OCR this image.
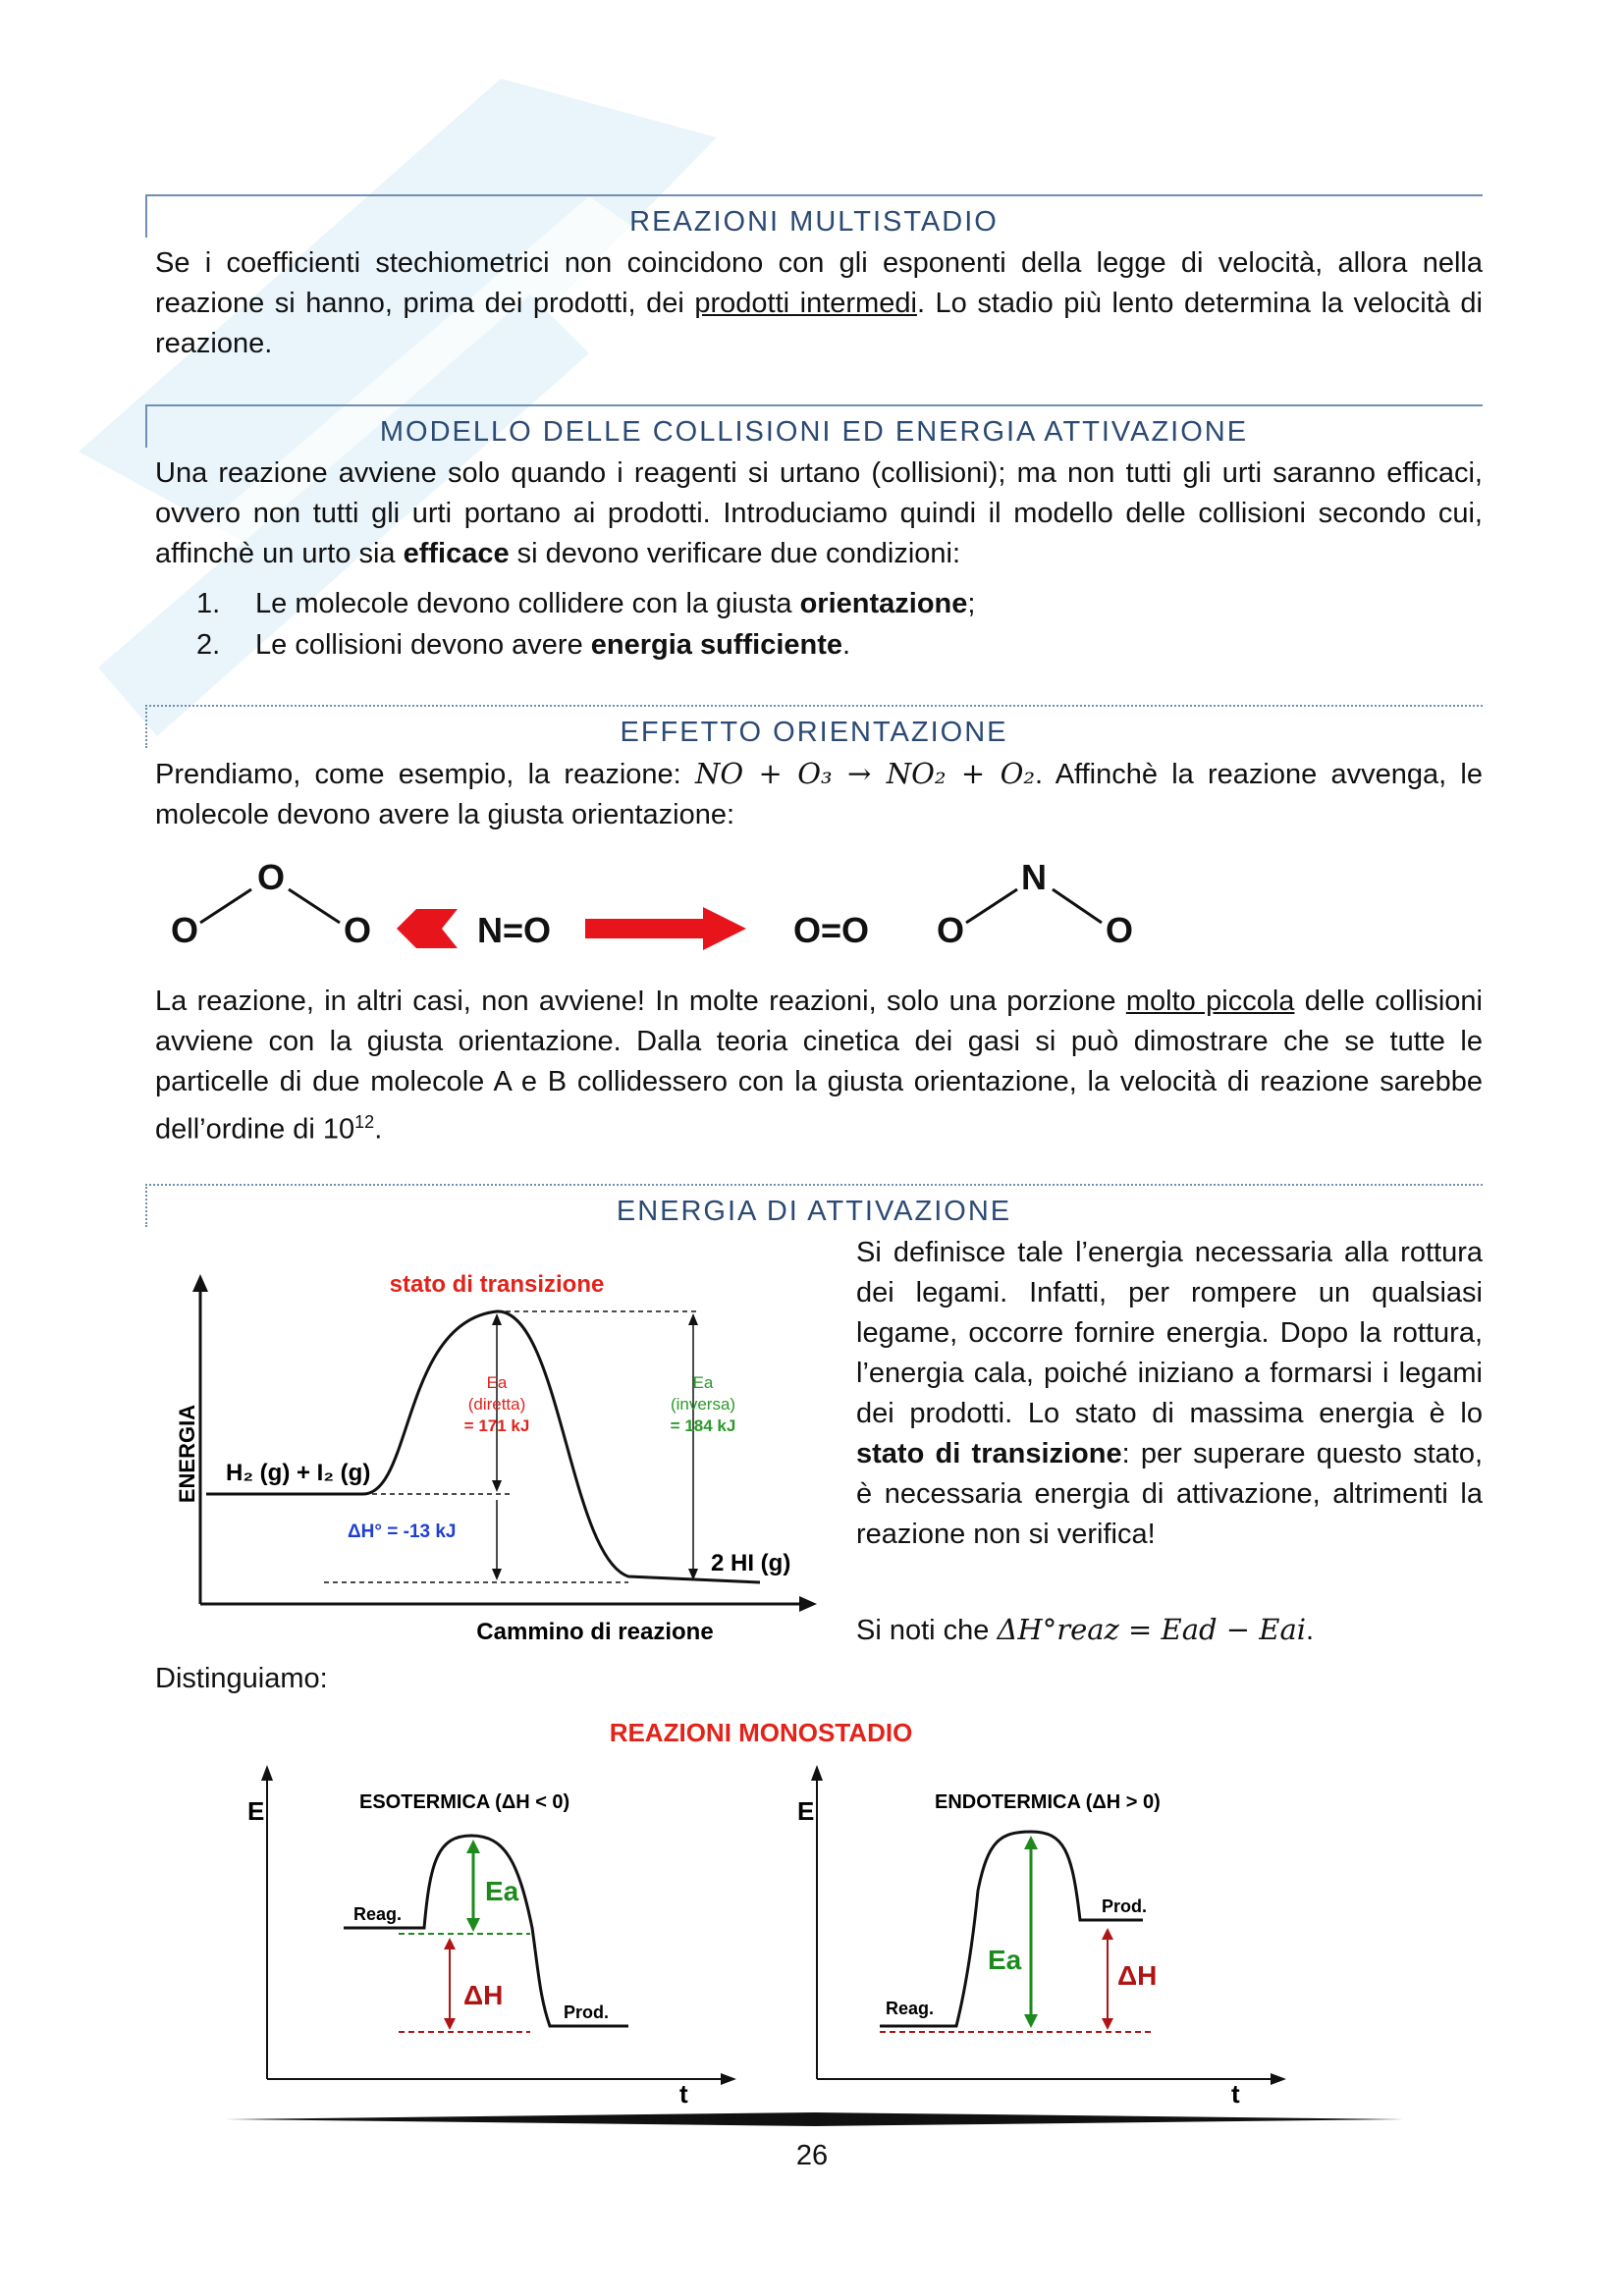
REAZIONI MULTISTADIO
Se i coefficienti stechiometrici non coincidono con gli esponenti della legge di velocità, allora nella reazione si hanno, prima dei prodotti, dei prodotti intermedi. Lo stadio più lento determina la velocità di reazione.
MODELLO DELLE COLLISIONI ED ENERGIA ATTIVAZIONE
Una reazione avviene solo quando i reagenti si urtano (collisioni); ma non tutti gli urti saranno efficaci, ovvero non tutti gli urti portano ai prodotti. Introduciamo quindi il modello delle collisioni secondo cui, affinchè un urto sia efficace si devono verificare due condizioni:
1. Le molecole devono collidere con la giusta orientazione;
2. Le collisioni devono avere energia sufficiente.
EFFETTO ORIENTAZIONE
Prendiamo, come esempio, la reazione: NO + O₃ → NO₂ + O₂. Affinchè la reazione avvenga, le molecole devono avere la giusta orientazione:
O
O
O	N=O	O=O O
N
O
La reazione, in altri casi, non avviene! In molte reazioni, solo una porzione molto piccola delle collisioni avviene con la giusta orientazione. Dalla teoria cinetica dei gasi si può dimostrare che se tutte le particelle di due molecole A e B collidessero con la giusta orientazione, la velocità di reazione sarebbe dell’ordine di $10^{12}$.
ENERGIA DI ATTIVAZIONE
ENERGIA
Cammino di reazione
stato di transizione
Ea
(diretta)
= 171 kJ
Ea
(inversa)
= 184 kJ
H₂ (g) + I₂ (g)
2 HI (g)
ΔH° = -13 kJ
Si definisce tale l’energia necessaria alla rottura dei legami. Infatti, per rompere un qualsiasi legame, occorre fornire energia. Dopo la rottura, l’energia cala, poiché iniziano a formarsi i legami dei prodotti. Lo stato di massima energia è lo stato di transizione: per superare questo stato, è necessaria energia di attivazione, altrimenti la reazione non si verifica!
Si noti che ΔH°reaz = Ead − Eai.
Distinguiamo:
REAZIONI MONOSTADIO
E
t
ESOTERMICA (ΔH < 0)
Ea
ΔH
Reag.
Prod.
E
t
ENDOTERMICA (ΔH > 0)
Ea
ΔH
Reag.
Prod.
26
